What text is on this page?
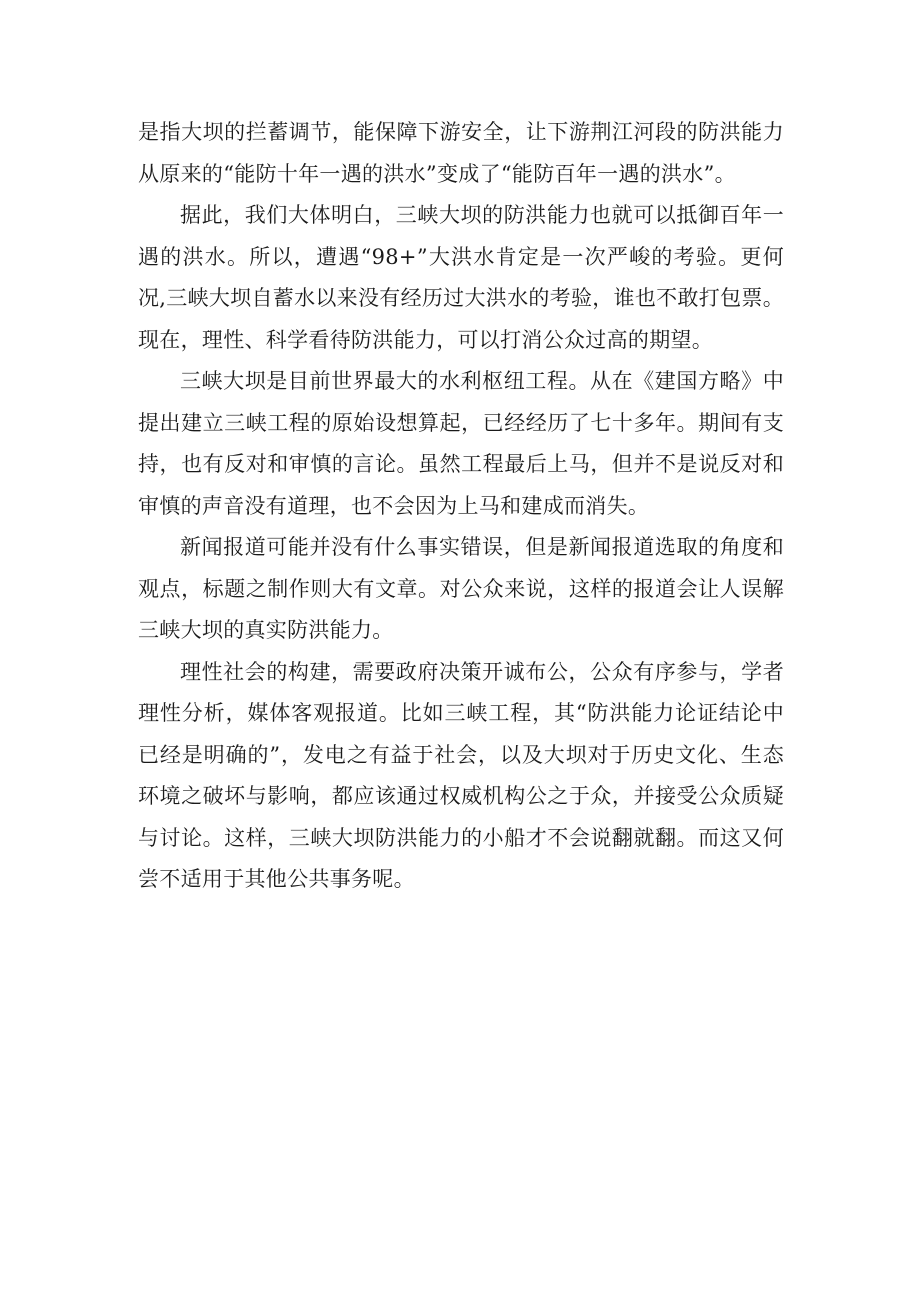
是指大坝的拦蓄调节，能保障下游安全，让下游荆江河段的防洪能力从原来的“能防十年一遇的洪水”变成了“能防百年一遇的洪水”。

据此，我们大体明白，三峡大坝的防洪能力也就可以抵御百年一遇的洪水。所以，遭遇“98+”大洪水肯定是一次严峻的考验。更何况,三峡大坝自蓄水以来没有经历过大洪水的考验，谁也不敢打包票。现在，理性、科学看待防洪能力，可以打消公众过高的期望。

三峡大坝是目前世界最大的水利枢纽工程。从在《建国方略》中提出建立三峡工程的原始设想算起，已经经历了七十多年。期间有支持，也有反对和审慎的言论。虽然工程最后上马，但并不是说反对和审慎的声音没有道理，也不会因为上马和建成而消失。

新闻报道可能并没有什么事实错误，但是新闻报道选取的角度和观点，标题之制作则大有文章。对公众来说，这样的报道会让人误解三峡大坝的真实防洪能力。

理性社会的构建，需要政府决策开诚布公，公众有序参与，学者理性分析，媒体客观报道。比如三峡工程，其“防洪能力论证结论中已经是明确的”，发电之有益于社会，以及大坝对于历史文化、生态环境之破坏与影响，都应该通过权威机构公之于众，并接受公众质疑与讨论。这样，三峡大坝防洪能力的小船才不会说翻就翻。而这又何尝不适用于其他公共事务呢。
